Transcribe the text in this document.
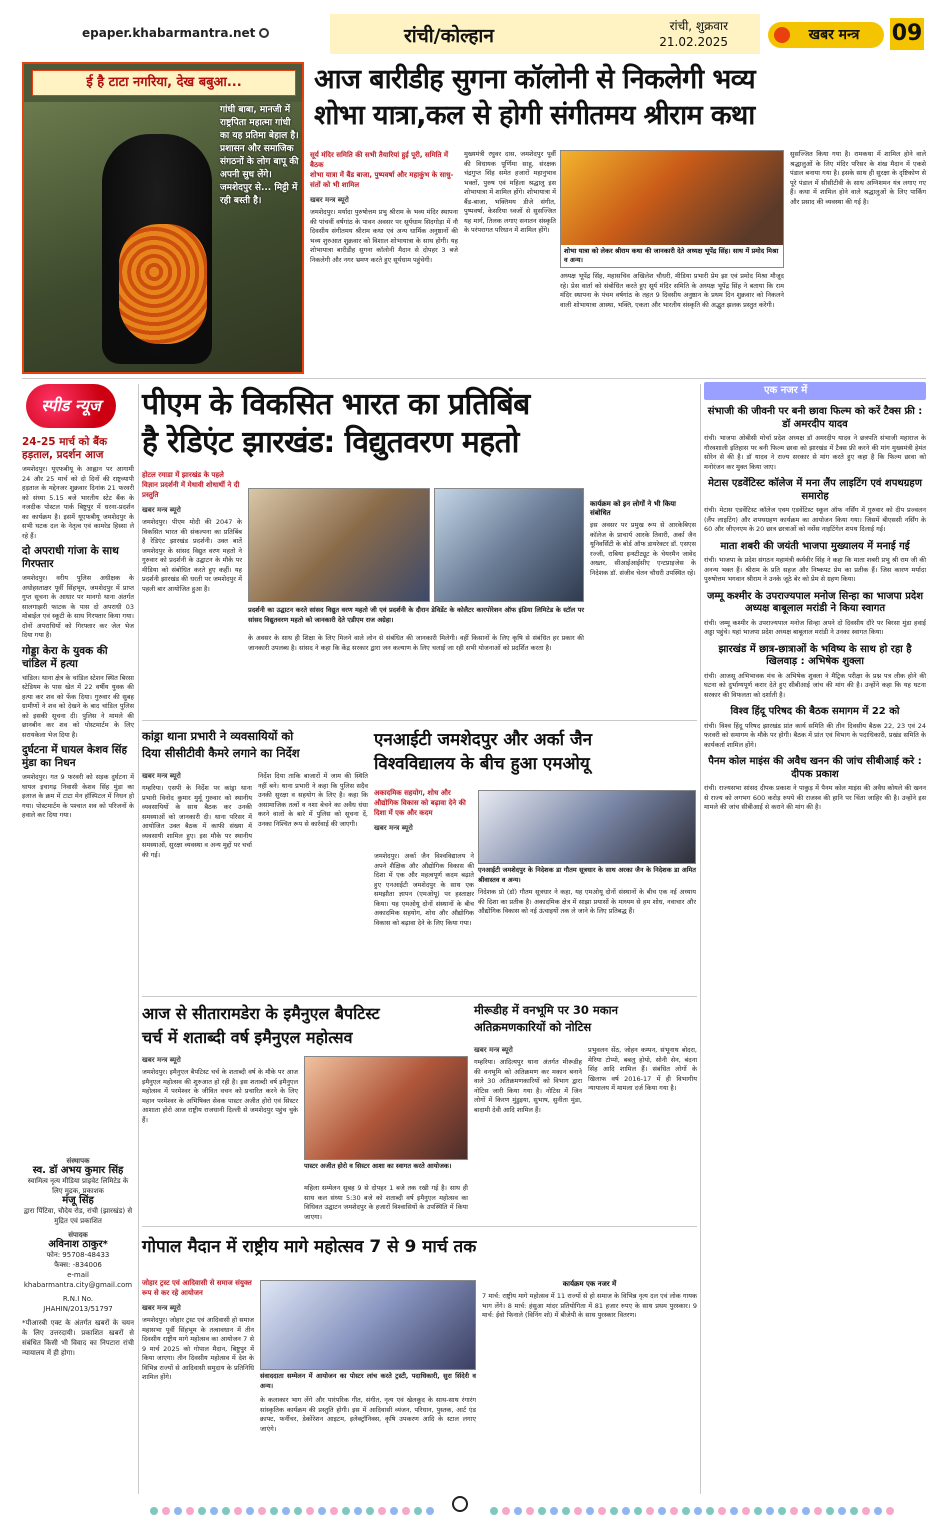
epaper.khabarmantra.net	रांची/कोल्हान	रांची, शुक्रवार
21.02.2025	खबर मन्त्र	09
ई है टाटा नगरिया, देख बबुआ...
गांधी बाबा, मानजी में राष्ट्रपिता महात्मा गांधी का यह प्रतिमा बेहाल है। प्रशासन और समाजिक संगठनों के लोग बापू की अपनी सुध लेंगे। जमशेदपुर से... मिट्टी में रही बस्ती है।
आज बारीडीह सुगना कॉलोनी से निकलेगी भव्य
शोभा यात्रा,कल से होगी संगीतमय श्रीराम कथा
सूर्य मंदिर समिति की सभी तैयारियां हुई पूरी, समिति में बैठक
शोभा यात्रा में बैंड बाजा, पुष्पवर्षा और महाकुंभ के साधु-संतों को भी शामिल
खबर मन्त्र ब्यूरो
जमशेदपुर। मर्यादा पुरुषोत्तम प्रभु श्रीराम के भव्य मंदिर स्थापना की पांचवीं वर्षगांठ के पावन अवसर पर सूर्यधाम सिदगोड़ा में नौ दिवसीय संगीतमय श्रीराम कथा एवं अन्य धार्मिक अनुष्ठानों की भव्य शुरुआत शुक्रवार को विशाल शोभायात्रा के साथ होगी। यह शोभायात्रा बारीडीह सुगना कॉलोनी मैदान से दोपहर 3 बजे निकलेगी और नगर भ्रमण करते हुए सूर्यधाम पहुंचेगी।
मुख्यमंत्री रघुवर दास, जमशेदपुर पूर्वी की विधायक पूर्णिमा साहू, संरक्षक चंद्रगुप्त सिंह समेत हजारों महानुभाव भक्तों, पुरुष एवं महिला श्रद्धालु इस शोभायात्रा में शामिल होंगे। शोभायात्रा में बैंड-बाजा, भक्तिमय डीजे संगीत, पुष्पवर्षा, केसरिया ध्वजों से सुसज्जित यह मार्ग, तिलक लगाए सनातन संस्कृति के परंपरागत परिधान में शामिल होंगे।
शोभा यात्रा को लेकर श्रीराम कथा की जानकारी देते अध्यक्ष भूपेंद्र सिंह। साथ में प्रमोद मिश्रा व अन्य।
अध्यक्ष भूपेंद्र सिंह, महासचिव अखिलेश चौधरी, मीडिया प्रभारी प्रेम झा एवं प्रमोद मिश्रा मौजूद रहे। प्रेस वार्ता को संबोधित करते हुए सूर्य मंदिर समिति के अध्यक्ष भूपेंद्र सिंह ने बताया कि राम मंदिर स्थापना के पंचम वर्षगांठ के तहत 9 दिवसीय अनुष्ठान के प्रथम दिन शुक्रवार को निकलने वाली शोभायात्रा आस्था, भक्ति, एकता और भारतीय संस्कृति की अद्भुत झलक प्रस्तुत करेगी।
सुसज्जित किया गया है। रामकथा में शामिल होने वाले श्रद्धालुओं के लिए मंदिर परिसर के शंख मैदान में एकसे पंडाल बनाया गया है। इसके साथ ही सुरक्षा के दृष्टिकोण से पूरे पंडाल में सीसीटीवी के साथ अग्निशमन यंत्र लगाए गए हैं। कथा में शामिल होने वाले श्रद्धालुओं के लिए पार्किंग और प्रसाद की व्यवस्था की गई है।
स्पीड न्यूज
24-25 मार्च को बैंक हड़ताल, प्रदर्शन आज
जमशेदपुर। यूएफबीयू के आह्वान पर आगामी 24 और 25 मार्च को दो दिनों की राष्ट्रव्यापी हड़ताल के मद्देनजर शुक्रवार दिनांक 21 फरवरी को संध्या 5.15 बजे भारतीय स्टेट बैंक के नजदीक पोस्टल पार्क बिष्टुपुर में धरना-प्रदर्शन का कार्यक्रम है। इसमें यूएफबीयू जमशेदपुर के सभी घटक दल के नेतृत्व एवं कामरेड हिस्सा ले रहे हैं।
दो अपराधी गांजा के साथ गिरफ्तार
जमशेदपुर। वरीय पुलिस अधीक्षक के अधोहस्ताक्षर पूर्वी सिंहभूम, जमशेदपुर में प्राप्त गुप्त सूचना के आधार पर मानगो थाना अंतर्गत सालगाझरी फाटक के पास दो अपराधी 03 मोबाईल एवं स्कूटी के साथ गिरफ्तार किया गया। दोनों अपराधियों को गिरफ्तार कर जेल भेज दिया गया है।
गोड्डा केरा के युवक की चांडिल में हत्या
चांडिल। थाना क्षेत्र के चांडिल स्टेशन स्थित बिरसा स्टेडियम के पास खेत में 22 वर्षीय युवक की हत्या कर शव को फेंक दिया। गुरुवार की सुबह ग्रामीणों ने शव को देखने के बाद चांडिल पुलिस को इसकी सूचना दी। पुलिस ने मामले की छानबीन कर शव को पोस्टमार्टम के लिए सरायकेला भेज दिया है।
दुर्घटना में घायल केशव सिंह मुंडा का निधन
जमशेदपुर। गत 9 फरवरी को सड़क दुर्घटना में घायल इचागढ़ निवासी केशव सिंह मुंडा का इलाज के क्रम में टाटा मेन हॉस्पिटल में निधन हो गया। पोस्टमार्टम के पश्चात शव को परिजनों के हवाले कर दिया गया।
संस्थापक
स्व. डॉ अभय कुमार सिंह
स्वामित्व नृत्य मीडिया प्राइवेट लिमिटेड के लिए मुद्रक, प्रकाशक
मंजू सिंह
द्वारा पिंटिवा, चौदेय रोड, रांची (झारखंड) से मुद्रित एवं प्रकाशित
संपादक
अविनाश ठाकुर*
फोन: 95708-48433
फैक्स: -834006
e-mail
khabarmantra.city@gmail.com
R.N.I No.
JHAHIN/2013/51797
*पीआरबी एक्ट के अंतर्गत खबरों के चयन के लिए उत्तरदायी। प्रकाशित खबरों से संबंधित किसी भी विवाद का निपटारा रांची न्यायालय में ही होगा।
पीएम के विकसित भारत का प्रतिबिंब
है रेडिएंट झारखंड: विद्युतवरण महतो
होटल रमाडा में झारखंड के पहले विज्ञान प्रदर्शनी में मेधावी शोधार्थी ने दी प्रस्तुति
खबर मन्त्र ब्यूरो
जमशेदपुर। पीएम मोदी की 2047 के विकसित भारत की संकल्पना का प्रतिबिंब है रेडिएंट झारखंड प्रदर्शनी। उक्त बातें जमशेदपुर के सांसद विद्युत वरण महतो ने गुरुवार को प्रदर्शनी के उद्घाटन के मौके पर मीडिया को संबोधित करते हुए कहीं। यह प्रदर्शनी झारखंड की धरती पर जमशेदपुर में पहली बार आयोजित हुआ है।
प्रदर्शनी का उद्घाटन करते सांसद विद्युत वरण महतो जी एवं प्रदर्शनी के दौरान डेविडेंट के कोलैटर कारपोरेशन ऑफ इंडिया लिमिटेड के स्टॉल पर सांसद विद्युतवरण महतो को जानकारी देते एडीएम राज अग्रेहा।
कार्यक्रम को इन लोगों ने भी किया संबोधित
इस अवसर पर प्रमुख रूप से आरकेबिएस कॉलेज के प्राचार्य आरके तिवारी, अर्का जैन यूनिवर्सिटी के बोर्ड ऑफ डायरेक्टर डॉ. एसएस रज्जी, राबिया इन्स्टीट्यूट के चेयरमैन जावेद अख्तर, सीआईआईसीए एन्टप्राइजेस के निदेशक डॉ. संजीव चेतन चौधरी उपस्थित रहे।
के अवसर के साथ ही शिक्षा के लिए मिलने वाले लोन से संबंधित की जानकारी मिलेगी। वहीं किसानों के लिए कृषि से संबंधित हर प्रकार की जानकारी उपलब्ध है। सांसद ने कहा कि केंद्र सरकार द्वारा जन कल्याण के लिए चलाई जा रही सभी योजनाओं को प्रदर्शित करता है।
कांड्रा थाना प्रभारी ने व्यवसायियों को
दिया सीसीटीवी कैमरे लगाने का निर्देश
खबर मन्त्र ब्यूरो
गम्हरिया। एसपी के निर्देश पर कांड्रा थाना प्रभारी विनोद कुमार मुर्मू गुरुवार को स्थानीय व्यवसायियों के साथ बैठक कर उनकी समस्याओं को जानकारी दी। थाना परिसर में आयोजित उक्त बैठक में काफी संख्या में व्यवसायी शामिल हुए। इस मौके पर स्थानीय समस्याओं, सुरक्षा व्यवस्था व अन्य मुद्दों पर चर्चा की गई।
निर्देश दिया ताकि बाजारों में जाम की स्थिति नहीं बने। थाना प्रभारी ने कहा कि पुलिस सदैव उनकी सुरक्षा व सहयोग के लिए है। कहा कि असामाजिक तत्वों व नशा बेचने का अवैध धंधा करने वालों के बारे में पुलिस को सूचना दें, उनका निश्चित रूप से कार्रवाई की जाएगी।
एनआईटी जमशेदपुर और अर्का जैन
विश्वविद्यालय के बीच हुआ एमओयू
अकादमिक सहयोग, शोध और औद्योगिक विकास को बढ़ावा देने की दिशा में एक और कदम
खबर मन्त्र ब्यूरो
एनआईटी जमशेदपुर के निदेशक डा गौतम सूत्रधार के साथ अरका जैन के निदेशक डा अमित श्रीवास्तव व अन्य।
जमशेदपुर। अर्का जैन विश्वविद्यालय ने अपने शैक्षिक और औद्योगिक विकास की दिशा में एक और महत्वपूर्ण कदम बढ़ाते हुए एनआईटी जमशेदपुर के साथ एक समझौता ज्ञापन (एमओयू) पर हस्ताक्षर किया। यह एमओयू दोनों संस्थानों के बीच अकादमिक सहयोग, शोध और औद्योगिक विकास को बढ़ावा देने के लिए किया गया।
निदेशक प्रो (डॉ) गौतम सूत्रधार ने कहा, यह एमओयू दोनों संस्थानों के बीच एक नई अध्याय की दिशा का प्रतीक है। अकादमिक क्षेत्र में साझा प्रयासों के माध्यम से हम शोध, नवाचार और औद्योगिक विकास को नई ऊंचाइयों तक ले जाने के लिए प्रतिबद्ध हैं।
आज से सीतारामडेरा के इमैनुएल बैपटिस्ट
चर्च में शताब्दी वर्ष इमैनुएल महोत्सव
खबर मन्त्र ब्यूरो
जमशेदपुर। इमैनुएल बैपटिस्ट चर्च के शताब्दी वर्ष के मौके पर आज इमैनुएल महोत्सव की शुरुआत हो रही है। इस शताब्दी वर्ष इमैनुएल महोत्सव में परमेश्वर के जीवित वचन को प्रचारित करने के लिए महान परमेश्वर के अभिषिक्त सेवक पास्टर अजीत होरो एवं सिस्टर आशाता होरो आज राष्ट्रीय राजधानी दिल्ली से जमशेदपुर पहुंच चुके हैं।
पास्टर अजीत होरो व सिस्टर आशा का स्वागत करते आयोजक।
महिला सम्मेलन सुबह 9 से दोपहर 1 बजे तक रखी गई है। साथ ही साथ कल संध्या 5:30 बजे को शताब्दी वर्ष इमैनुएल महोत्सव का विधिवत उद्घाटन जमशेदपुर के हजारों विश्वासियों के उपस्थिति में किया जाएगा।
मीरूडीह में वनभूमि पर 30 मकान
अतिक्रमणकारियों को नोटिस
खबर मन्त्र ब्यूरो
गम्हरिया। आदित्यपुर थाना अंतर्गत मीरूडीह की वनभूमि को अतिक्रमण कर मकान बनाने वाले 30 अतिक्रमणकारियों को विभाग द्वारा नोटिस जारी किया गया है। नोटिस में जिन लोगों में किरण मुंडुइया, सुभाष, सुनीता मुंडा, बादामी देवी आदि शामिल हैं।
प्रभुवलन सेंठ, जोहन कम्पन, संभूनाथ बोदरा, मेरिया टोप्पो, बबलु होयो, सोनी सेन, बंदना सिंह आदि शामिल हैं। संबंधित लोगों के खिलाफ वर्ष 2016-17 में ही विभागीय न्यायालय में मामला दर्ज किया गया है।
गोपाल मैदान में राष्ट्रीय मागे महोत्सव 7 से 9 मार्च तक
जोहार ट्रस्ट एवं आदिवासी से समाज संयुक्त रूप से कर रहे आयोजन
खबर मन्त्र ब्यूरो
जमशेदपुर। जोहार ट्रस्ट एवं आदिवासी हो समाज महासभा पूर्वी सिंहभूम के तत्वावधान में तीन दिवसीय राष्ट्रीय मागे महोत्सव का आयोजन 7 से 9 मार्च 2025 को गोपाल मैदान, बिष्टुपुर में किया जाएगा। तीन दिवसीय महोत्सव में देश के विभिन्न राज्यों से आदिवासी समुदाय के प्रतिनिधि शामिल होंगे।	संवाददाता सम्मेलन में आयोजन का पोस्टर लांच करते ट्रस्टी, पदाधिकारी, सुरा सिंदेरी व अन्य।
के कलाकार भाग लेंगे और पारंपरिक गीत, संगीत, नृत्य एवं खेलकूद के साथ-साथ रंगारंग सांस्कृतिक कार्यक्रम की प्रस्तुति होगी। इस में आदिवासी व्यंजन, परिधान, पुस्तक, आर्ट एंड क्राफ्ट, फर्नीचर, डेकोरेशन आइटम, इलेक्ट्रॉनिक्स, कृषि उपकरण आदि के स्टाल लगाए जाएंगे।
कार्यक्रम एक नजर में
7 मार्च: राष्ट्रीय मागे महोत्सव में 11 राज्यों से हो समाज के विभिन्न नृत्य दल एवं लोक गायक भाग लेंगे। 8 मार्च: हंसुआ मांदर प्रतियोगिता में 81 हजार रुपए के साथ प्रथम पुरस्कार। 9 मार्च: ईवो फिनाले (विनिंग शो) में बीजेपी के साथ पुरस्कार वितरण।
एक नजर में
संभाजी की जीवनी पर बनी छावा फिल्म को करें टैक्स फ्री : डॉ अमरदीप यादव
रांची। भाजपा ओबीसी मोर्चा प्रदेश अध्यक्ष डॉ अमरदीप यादव ने छत्रपति संभाजी महाराज के गौरवशाली इतिहास पर बनी फिल्म छावा को झारखंड में टैक्स फ्री करने की मांग मुख्यमंत्री हेमंत सोरेन से की है। डॉ यादव ने राज्य सरकार से मांग करते हुए कहा है कि फिल्म छावा को मनोरंजन कर मुक्त किया जाए।
मेटास एडवेंटिस्ट कॉलेज में मना लैंप लाइटिंग एवं शपथग्रहण समारोह
रांची। मेटास एडवेंटिस्ट कॉलेज एवम एडवेंटिस्ट स्कूल ऑफ नर्सिंग में गुरुवार को दीप प्रज्वलन (लैंप लाइटिंग) और शपथग्रहण कार्यक्रम का आयोजन किया गया। जिसमें बीएससी नर्सिंग के 60 और जीएनएम के 20 छात्र छात्राओं को नर्सेस नाइटिंगेल शपथ दिलाई गई।
माता शबरी की जयंती भाजपा मुख्यालय में मनाई गई
रांची। भाजपा के प्रदेश संगठन महामंत्री कर्मवीर सिंह ने कहा कि माता शबरी प्रभु श्री राम जी की अनन्य भक्त हैं। श्रीराम के प्रति सहज और निष्कपट प्रेम का प्रतीक हैं। जिस कारण मर्यादा पुरुषोत्तम भगवान श्रीराम ने उनके जूठे बेर को प्रेम से ग्रहण किया।
जम्मू कश्मीर के उपराज्यपाल मनोज सिन्हा का भाजपा प्रदेश अध्यक्ष बाबूलाल मरांडी ने किया स्वागत
रांची। जम्मू कश्मीर के उपराज्यपाल मनोज सिन्हा अपने दो दिवसीय दौरे पर बिरसा मुंडा हवाई अड्डा पहुंचे। यहां भाजपा प्रदेश अध्यक्ष बाबूलाल मरांडी ने उनका स्वागत किया।
झारखंड में छात्र-छात्राओं के भविष्य के साथ हो रहा है खिलवाड़ : अभिषेक शुक्ला
रांची। आजसू अभिभावक मंच के अभिषेक शुक्ला ने मैट्रिक परीक्षा के प्रश्न पत्र लीक होने की घटना को दुर्भाग्यपूर्ण करार देते हुए सीबीआई जांच की मांग की है। उन्होंने कहा कि यह घटना सरकार की विफलता को दर्शाती है।
विश्व हिंदू परिषद की बैठक समागम में 22 को
रांची। विश्व हिंदू परिषद झारखंड प्रांत कार्य समिति की तीन दिवसीय बैठक 22, 23 एवं 24 फरवरी को समागम के मौके पर होगी। बैठक में प्रांत एवं विभाग के पदाधिकारी, प्रखंड समिति के कार्यकर्ता शामिल होंगे।
पैनम कोल माइंस की अवैध खनन की जांच सीबीआई करे : दीपक प्रकाश
रांची। राज्यसभा सांसद दीपक प्रकाश ने पाकुड़ में पैनम कोल माइंस की अवैध कोयले की खनन से राज्य को लगभग 600 करोड़ रुपये की राजस्व की हानि पर चिंता जाहिर की है। उन्होंने इस मामले की जांच सीबीआई से कराने की मांग की है।
